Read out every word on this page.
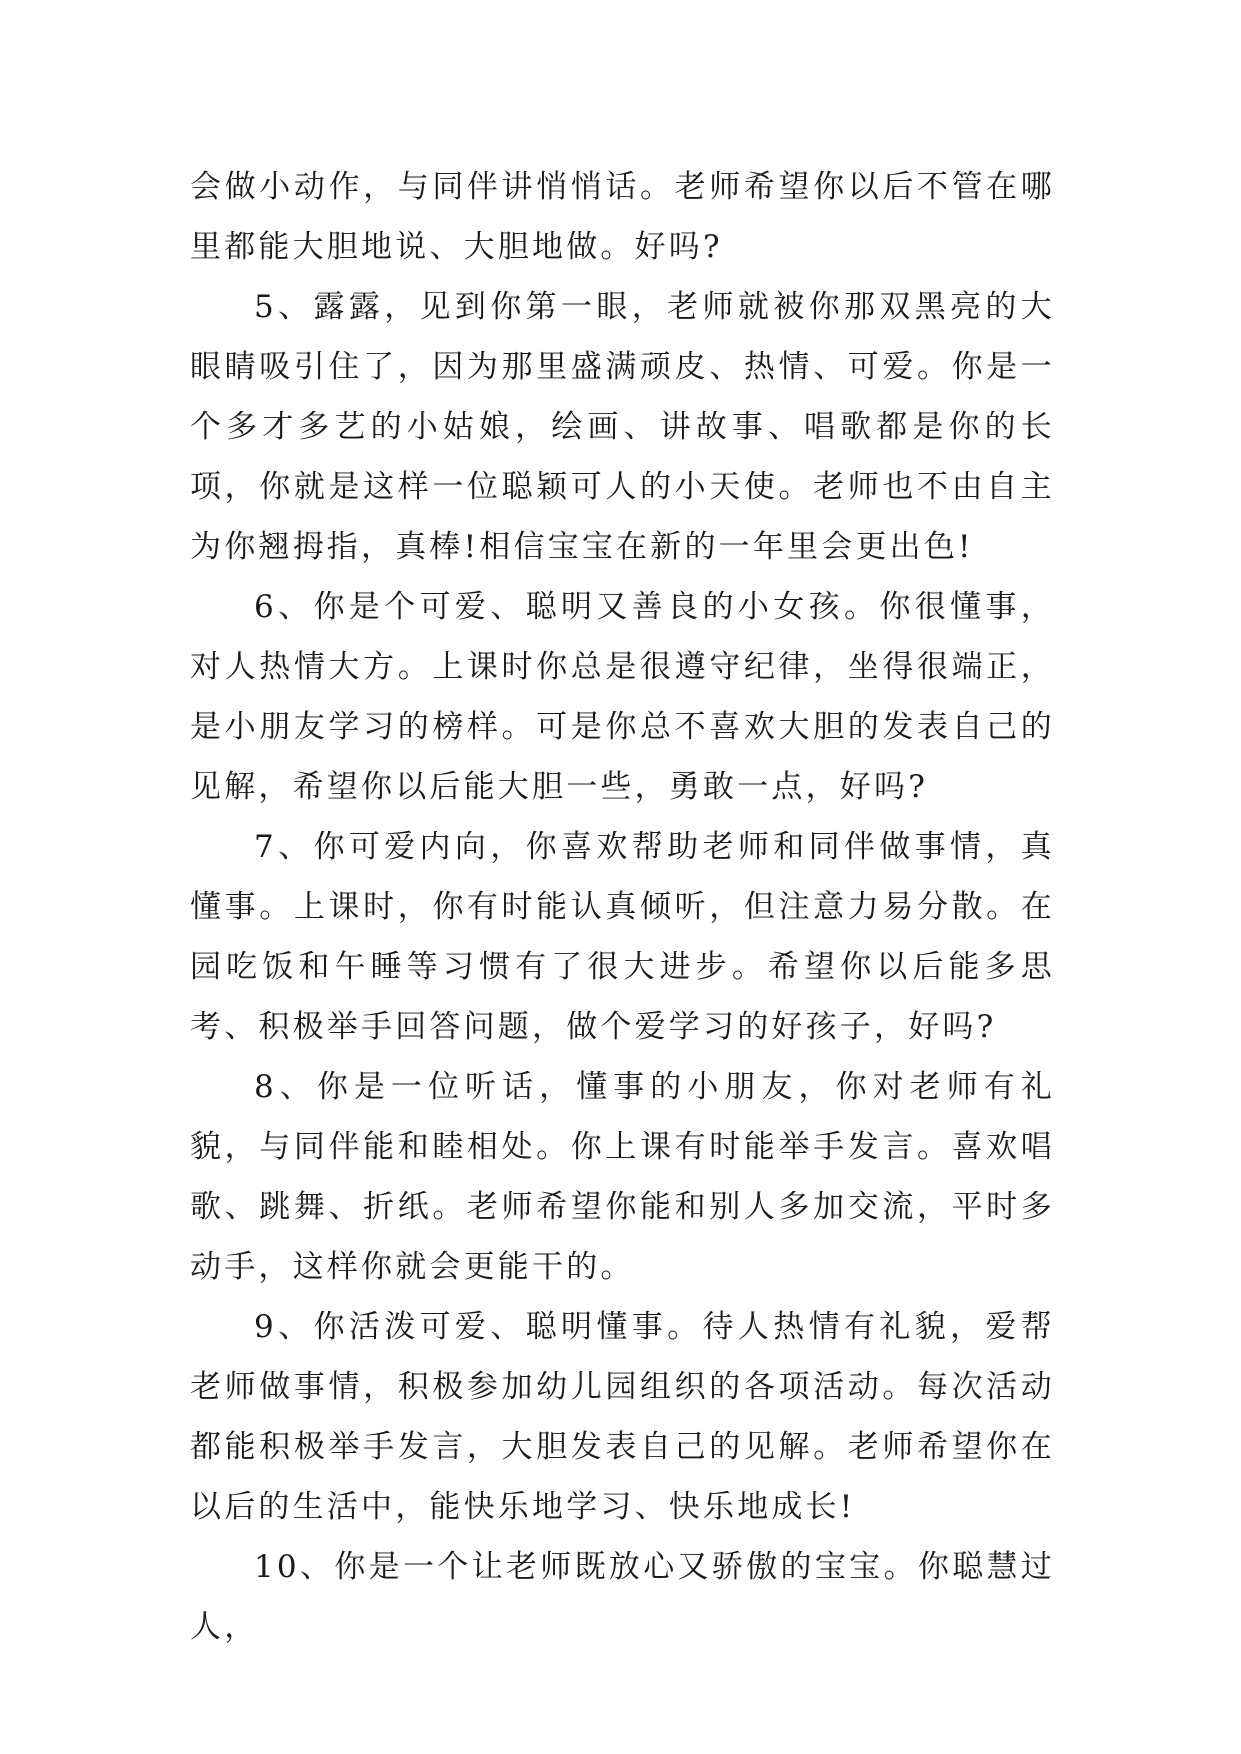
会做小动作，与同伴讲悄悄话。老师希望你以后不管在哪里都能大胆地说、大胆地做。好吗?

5、露露，见到你第一眼，老师就被你那双黑亮的大眼睛吸引住了，因为那里盛满顽皮、热情、可爱。你是一个多才多艺的小姑娘，绘画、讲故事、唱歌都是你的长项，你就是这样一位聪颖可人的小天使。老师也不由自主为你翘拇指，真棒!相信宝宝在新的一年里会更出色!

6、你是个可爱、聪明又善良的小女孩。你很懂事，对人热情大方。上课时你总是很遵守纪律，坐得很端正，是小朋友学习的榜样。可是你总不喜欢大胆的发表自己的见解，希望你以后能大胆一些，勇敢一点，好吗?

7、你可爱内向，你喜欢帮助老师和同伴做事情，真懂事。上课时，你有时能认真倾听，但注意力易分散。在园吃饭和午睡等习惯有了很大进步。希望你以后能多思考、积极举手回答问题，做个爱学习的好孩子，好吗?

8、你是一位听话，懂事的小朋友，你对老师有礼貌，与同伴能和睦相处。你上课有时能举手发言。喜欢唱歌、跳舞、折纸。老师希望你能和别人多加交流，平时多动手，这样你就会更能干的。

9、你活泼可爱、聪明懂事。待人热情有礼貌，爱帮老师做事情，积极参加幼儿园组织的各项活动。每次活动都能积极举手发言，大胆发表自己的见解。老师希望你在以后的生活中，能快乐地学习、快乐地成长!

10、你是一个让老师既放心又骄傲的宝宝。你聪慧过人，
